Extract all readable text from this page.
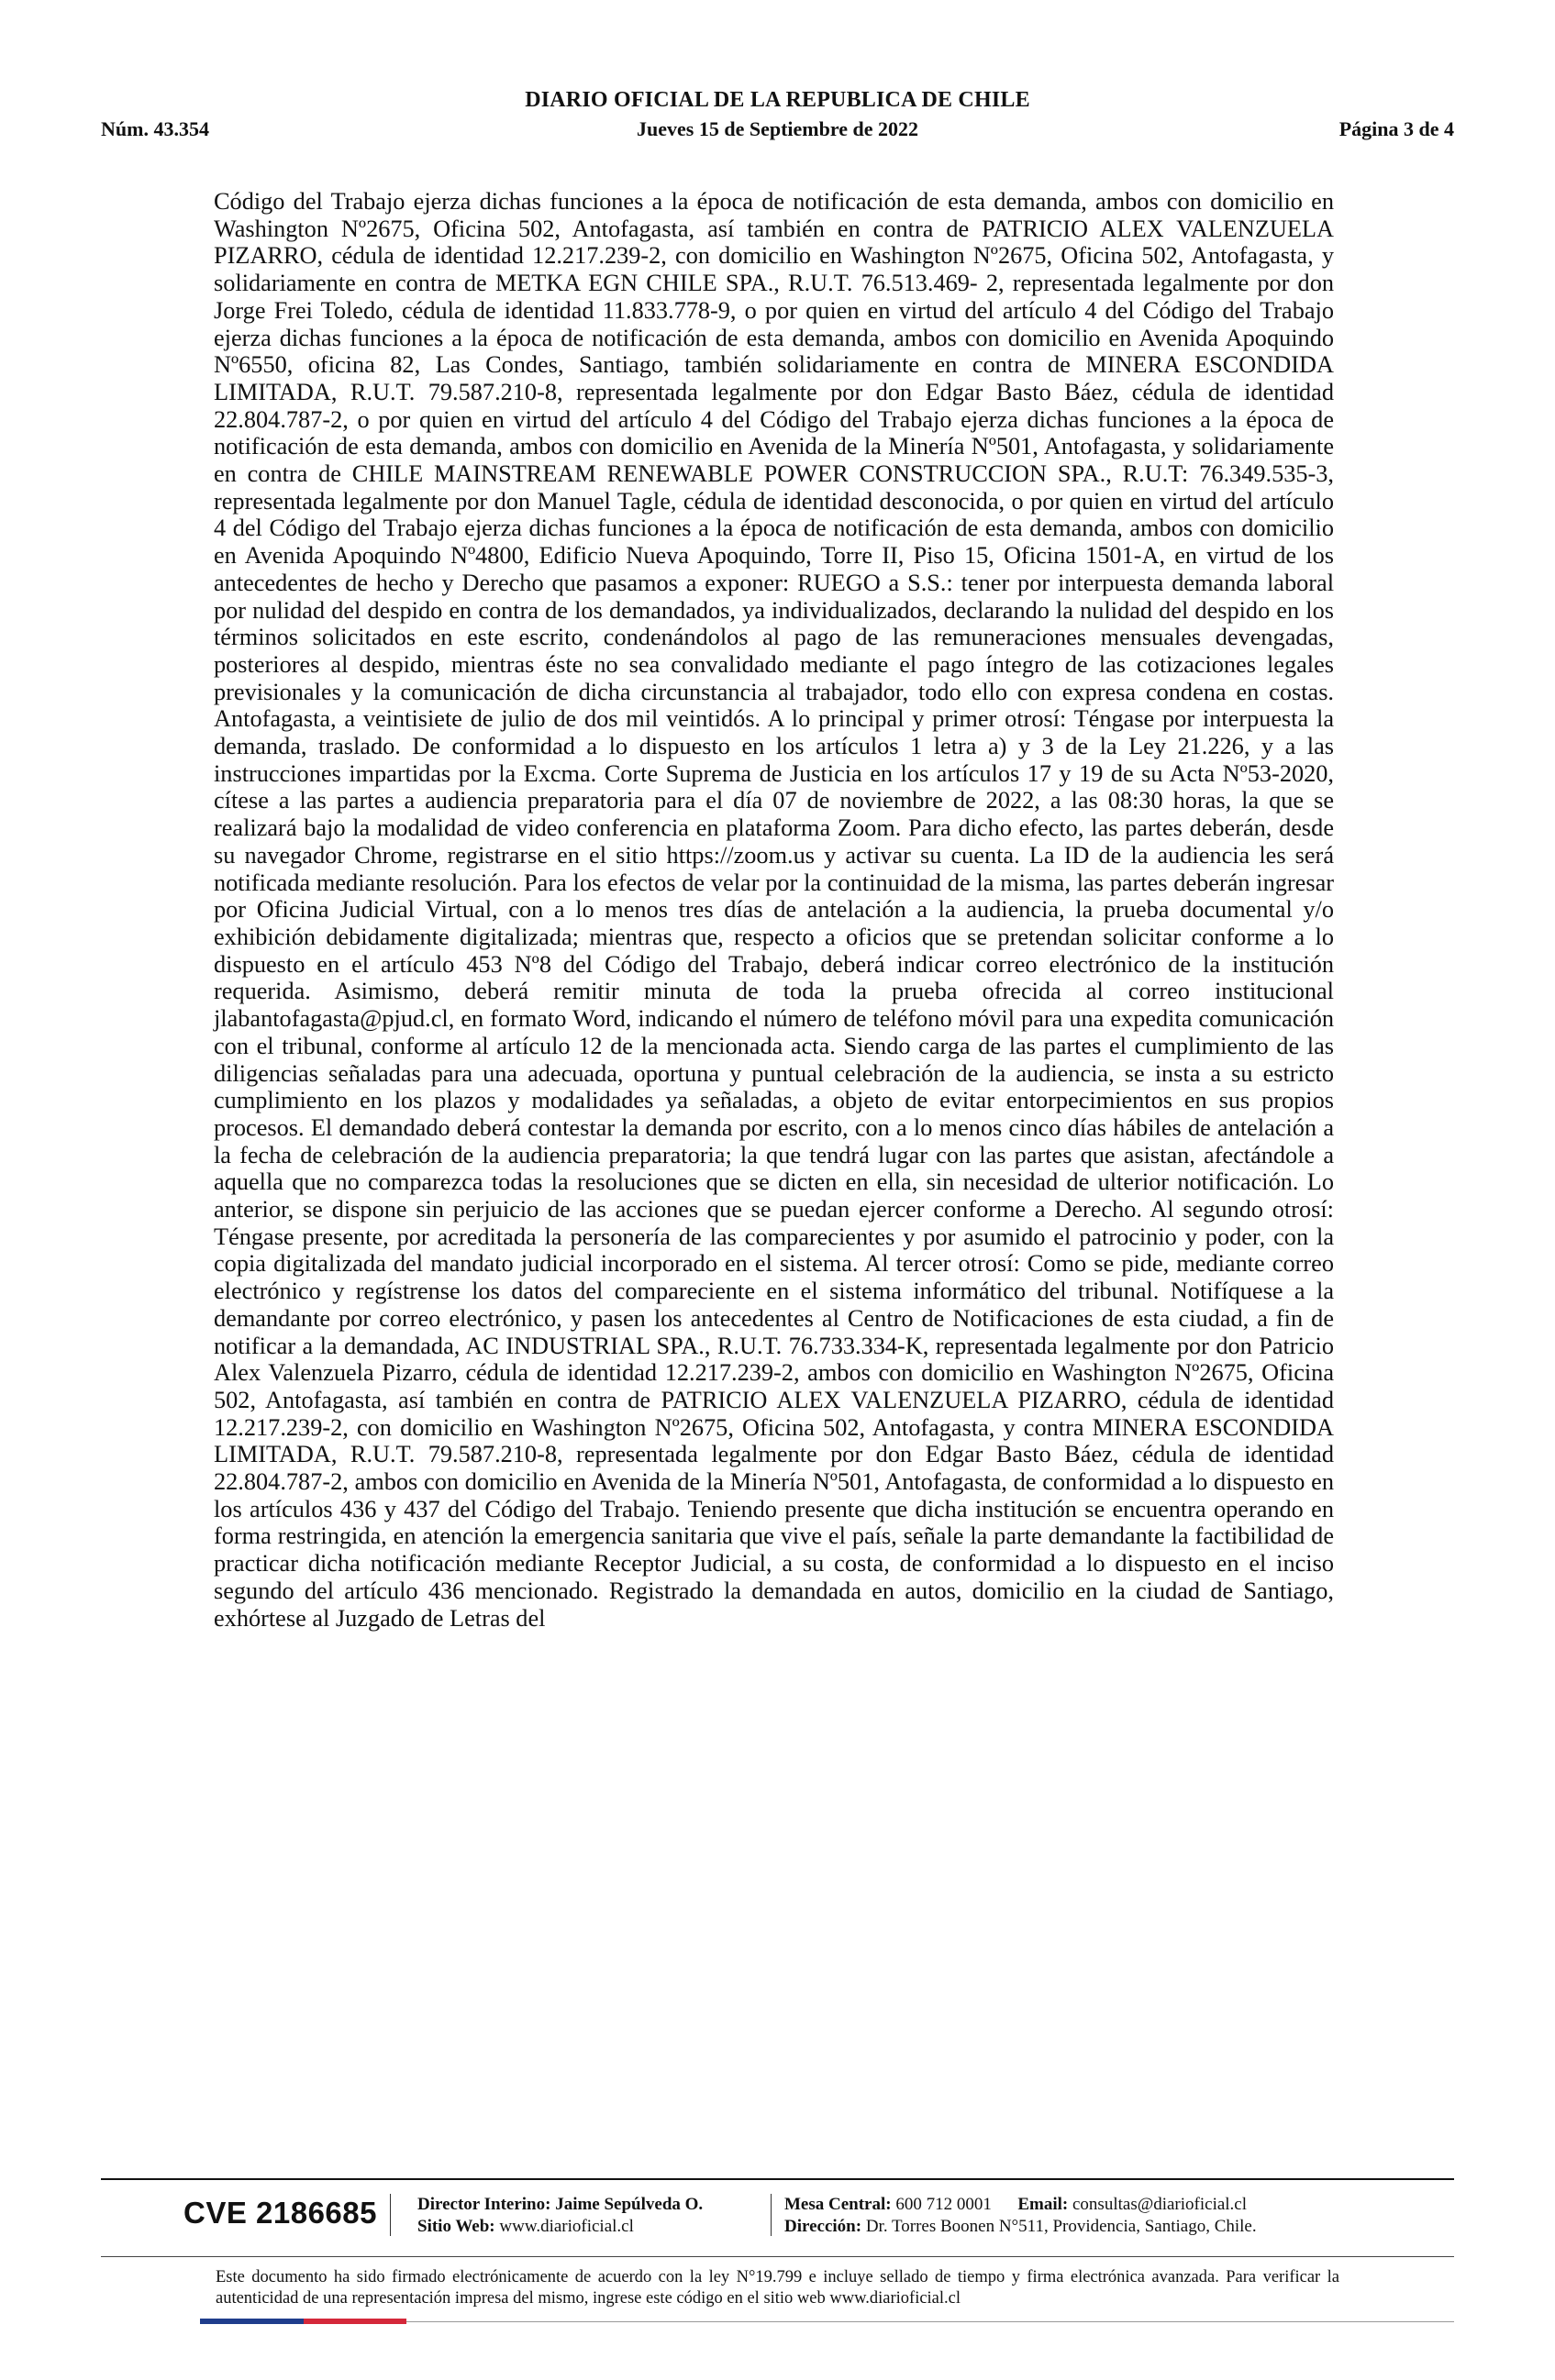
DIARIO OFICIAL DE LA REPUBLICA DE CHILE
Núm. 43.354	Jueves 15 de Septiembre de 2022	Página 3 de 4
Código del Trabajo ejerza dichas funciones a la época de notificación de esta demanda, ambos con domicilio en Washington Nº2675, Oficina 502, Antofagasta, así también en contra de PATRICIO ALEX VALENZUELA PIZARRO, cédula de identidad 12.217.239-2, con domicilio en Washington Nº2675, Oficina 502, Antofagasta, y solidariamente en contra de METKA EGN CHILE SPA., R.U.T. 76.513.469- 2, representada legalmente por don Jorge Frei Toledo, cédula de identidad 11.833.778-9, o por quien en virtud del artículo 4 del Código del Trabajo ejerza dichas funciones a la época de notificación de esta demanda, ambos con domicilio en Avenida Apoquindo Nº6550, oficina 82, Las Condes, Santiago, también solidariamente en contra de MINERA ESCONDIDA LIMITADA, R.U.T. 79.587.210-8, representada legalmente por don Edgar Basto Báez, cédula de identidad 22.804.787-2, o por quien en virtud del artículo 4 del Código del Trabajo ejerza dichas funciones a la época de notificación de esta demanda, ambos con domicilio en Avenida de la Minería Nº501, Antofagasta, y solidariamente en contra de CHILE MAINSTREAM RENEWABLE POWER CONSTRUCCION SPA., R.U.T: 76.349.535-3, representada legalmente por don Manuel Tagle, cédula de identidad desconocida, o por quien en virtud del artículo 4 del Código del Trabajo ejerza dichas funciones a la época de notificación de esta demanda, ambos con domicilio en Avenida Apoquindo Nº4800, Edificio Nueva Apoquindo, Torre II, Piso 15, Oficina 1501-A, en virtud de los antecedentes de hecho y Derecho que pasamos a exponer: RUEGO a S.S.: tener por interpuesta demanda laboral por nulidad del despido en contra de los demandados, ya individualizados, declarando la nulidad del despido en los términos solicitados en este escrito, condenándolos al pago de las remuneraciones mensuales devengadas, posteriores al despido, mientras éste no sea convalidado mediante el pago íntegro de las cotizaciones legales previsionales y la comunicación de dicha circunstancia al trabajador, todo ello con expresa condena en costas. Antofagasta, a veintisiete de julio de dos mil veintidós. A lo principal y primer otrosí: Téngase por interpuesta la demanda, traslado. De conformidad a lo dispuesto en los artículos 1 letra a) y 3 de la Ley 21.226, y a las instrucciones impartidas por la Excma. Corte Suprema de Justicia en los artículos 17 y 19 de su Acta Nº53-2020, cítese a las partes a audiencia preparatoria para el día 07 de noviembre de 2022, a las 08:30 horas, la que se realizará bajo la modalidad de video conferencia en plataforma Zoom. Para dicho efecto, las partes deberán, desde su navegador Chrome, registrarse en el sitio https://zoom.us y activar su cuenta. La ID de la audiencia les será notificada mediante resolución. Para los efectos de velar por la continuidad de la misma, las partes deberán ingresar por Oficina Judicial Virtual, con a lo menos tres días de antelación a la audiencia, la prueba documental y/o exhibición debidamente digitalizada; mientras que, respecto a oficios que se pretendan solicitar conforme a lo dispuesto en el artículo 453 Nº8 del Código del Trabajo, deberá indicar correo electrónico de la institución requerida. Asimismo, deberá remitir minuta de toda la prueba ofrecida al correo institucional jlabantofagasta@pjud.cl, en formato Word, indicando el número de teléfono móvil para una expedita comunicación con el tribunal, conforme al artículo 12 de la mencionada acta. Siendo carga de las partes el cumplimiento de las diligencias señaladas para una adecuada, oportuna y puntual celebración de la audiencia, se insta a su estricto cumplimiento en los plazos y modalidades ya señaladas, a objeto de evitar entorpecimientos en sus propios procesos. El demandado deberá contestar la demanda por escrito, con a lo menos cinco días hábiles de antelación a la fecha de celebración de la audiencia preparatoria; la que tendrá lugar con las partes que asistan, afectándole a aquella que no comparezca todas la resoluciones que se dicten en ella, sin necesidad de ulterior notificación. Lo anterior, se dispone sin perjuicio de las acciones que se puedan ejercer conforme a Derecho. Al segundo otrosí: Téngase presente, por acreditada la personería de las comparecientes y por asumido el patrocinio y poder, con la copia digitalizada del mandato judicial incorporado en el sistema. Al tercer otrosí: Como se pide, mediante correo electrónico y regístrense los datos del compareciente en el sistema informático del tribunal. Notifíquese a la demandante por correo electrónico, y pasen los antecedentes al Centro de Notificaciones de esta ciudad, a fin de notificar a la demandada, AC INDUSTRIAL SPA., R.U.T. 76.733.334-K, representada legalmente por don Patricio Alex Valenzuela Pizarro, cédula de identidad 12.217.239-2, ambos con domicilio en Washington Nº2675, Oficina 502, Antofagasta, así también en contra de PATRICIO ALEX VALENZUELA PIZARRO, cédula de identidad 12.217.239-2, con domicilio en Washington Nº2675, Oficina 502, Antofagasta, y contra MINERA ESCONDIDA LIMITADA, R.U.T. 79.587.210-8, representada legalmente por don Edgar Basto Báez, cédula de identidad 22.804.787-2, ambos con domicilio en Avenida de la Minería Nº501, Antofagasta, de conformidad a lo dispuesto en los artículos 436 y 437 del Código del Trabajo. Teniendo presente que dicha institución se encuentra operando en forma restringida, en atención la emergencia sanitaria que vive el país, señale la parte demandante la factibilidad de practicar dicha notificación mediante Receptor Judicial, a su costa, de conformidad a lo dispuesto en el inciso segundo del artículo 436 mencionado. Registrado la demandada en autos, domicilio en la ciudad de Santiago, exhórtese al Juzgado de Letras del
CVE 2186685 Director Interino: Jaime Sepúlveda O.
Sitio Web: www.diarioficial.cl
Mesa Central: 600 712 0001 Email: consultas@diarioficial.cl
Dirección: Dr. Torres Boonen N°511, Providencia, Santiago, Chile.
Este documento ha sido firmado electrónicamente de acuerdo con la ley N°19.799 e incluye sellado de tiempo y firma electrónica avanzada. Para verificar la autenticidad de una representación impresa del mismo, ingrese este código en el sitio web www.diarioficial.cl
